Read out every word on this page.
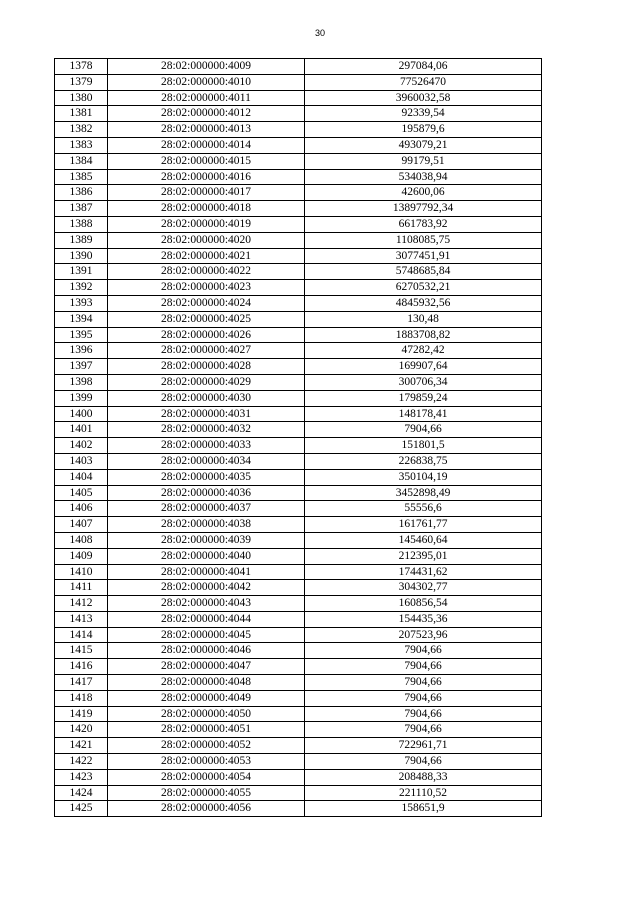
30
1378	28:02:000000:4009	297084,06
1379	28:02:000000:4010	77526470
1380	28:02:000000:4011	3960032,58
1381	28:02:000000:4012	92339,54
1382	28:02:000000:4013	195879,6
1383	28:02:000000:4014	493079,21
1384	28:02:000000:4015	99179,51
1385	28:02:000000:4016	534038,94
1386	28:02:000000:4017	42600,06
1387	28:02:000000:4018	13897792,34
1388	28:02:000000:4019	661783,92
1389	28:02:000000:4020	1108085,75
1390	28:02:000000:4021	3077451,91
1391	28:02:000000:4022	5748685,84
1392	28:02:000000:4023	6270532,21
1393	28:02:000000:4024	4845932,56
1394	28:02:000000:4025	130,48
1395	28:02:000000:4026	1883708,82
1396	28:02:000000:4027	47282,42
1397	28:02:000000:4028	169907,64
1398	28:02:000000:4029	300706,34
1399	28:02:000000:4030	179859,24
1400	28:02:000000:4031	148178,41
1401	28:02:000000:4032	7904,66
1402	28:02:000000:4033	151801,5
1403	28:02:000000:4034	226838,75
1404	28:02:000000:4035	350104,19
1405	28:02:000000:4036	3452898,49
1406	28:02:000000:4037	55556,6
1407	28:02:000000:4038	161761,77
1408	28:02:000000:4039	145460,64
1409	28:02:000000:4040	212395,01
1410	28:02:000000:4041	174431,62
1411	28:02:000000:4042	304302,77
1412	28:02:000000:4043	160856,54
1413	28:02:000000:4044	154435,36
1414	28:02:000000:4045	207523,96
1415	28:02:000000:4046	7904,66
1416	28:02:000000:4047	7904,66
1417	28:02:000000:4048	7904,66
1418	28:02:000000:4049	7904,66
1419	28:02:000000:4050	7904,66
1420	28:02:000000:4051	7904,66
1421	28:02:000000:4052	722961,71
1422	28:02:000000:4053	7904,66
1423	28:02:000000:4054	208488,33
1424	28:02:000000:4055	221110,52
1425	28:02:000000:4056	158651,9
